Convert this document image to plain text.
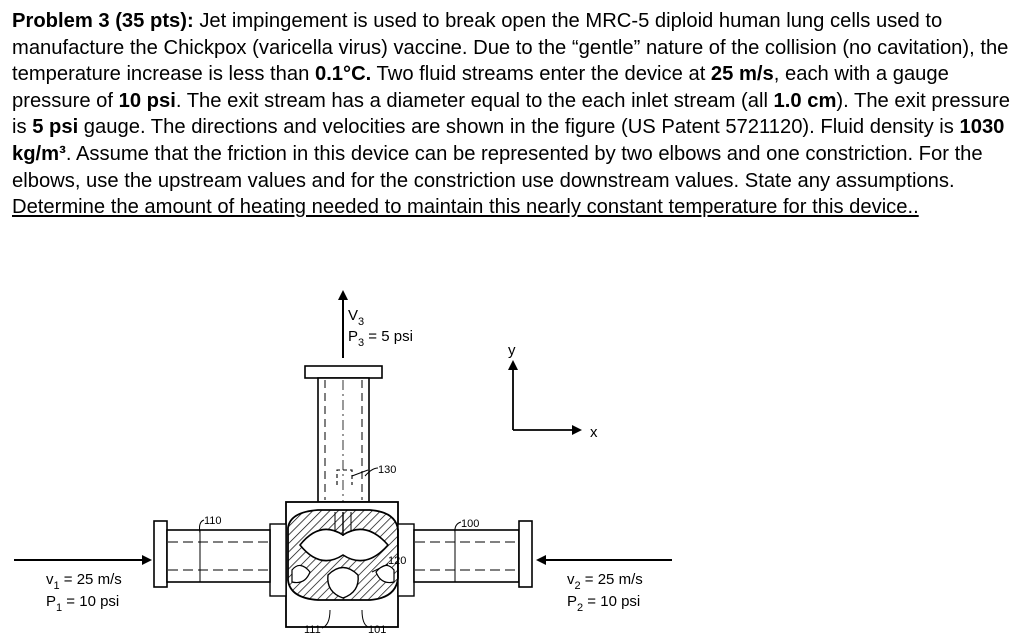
Problem 3 (35 pts): Jet impingement is used to break open the MRC-5 diploid human lung cells used to manufacture the Chickpox (varicella virus) vaccine. Due to the “gentle” nature of the collision (no cavitation), the temperature increase is less than 0.1°C. Two fluid streams enter the device at 25 m/s, each with a gauge pressure of 10 psi. The exit stream has a diameter equal to the each inlet stream (all 1.0 cm). The exit pressure is 5 psi gauge. The directions and velocities are shown in the figure (US Patent 5721120). Fluid density is 1030 kg/m³. Assume that the friction in this device can be represented by two elbows and one constriction. For the elbows, use the upstream values and for the constriction use downstream values. State any assumptions. Determine the amount of heating needed to maintain this nearly constant temperature for this device..
y
x
$V_3$
$P_3 = 5$ psi
$v_1 = 25$ m/s
$P_1 = 10$ psi
$v_2 = 25$ m/s
$P_2 = 10$ psi
130
110	100
120
111	101
